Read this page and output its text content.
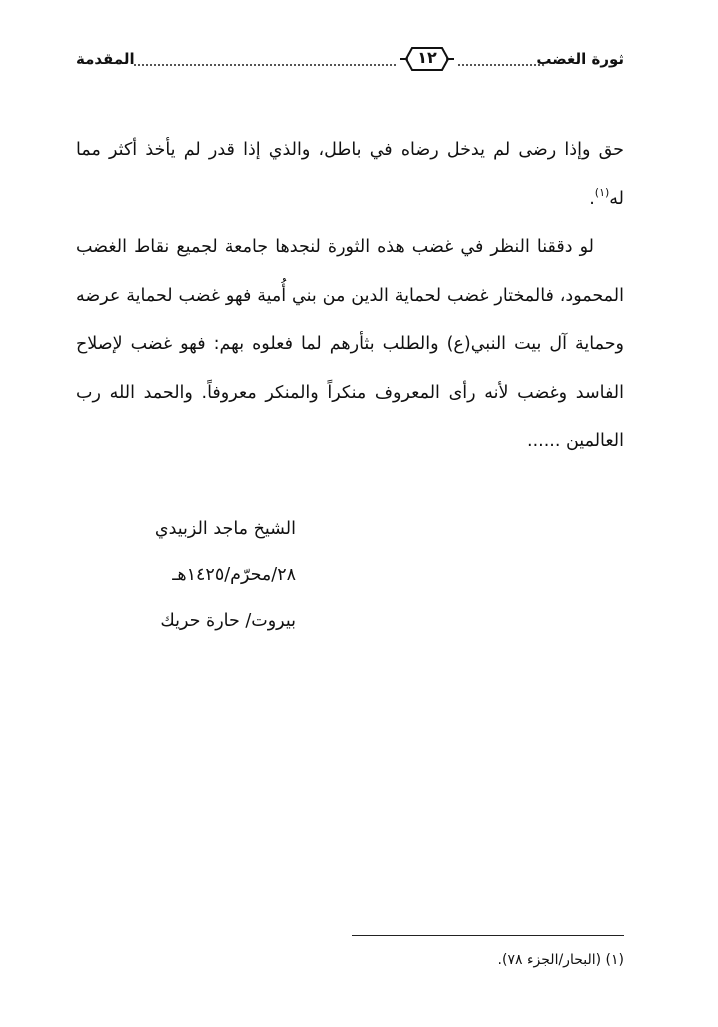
ثورة الغضب
١٢
المقدمة

حق وإذا رضى لم يدخل رضاه في باطل، والذي إذا قدر لم يأخذ أكثر مما له$^{(١)}$.

لو دققنا النظر في غضب هذه الثورة لنجدها جامعة لجميع نقاط الغضب المحمود، فالمختار غضب لحماية الدين من بني أُمية فهو غضب لحماية عرضه وحماية آل بيت النبي(ع) والطلب بثأرهم لما فعلوه بهم: فهو غضب لإصلاح الفاسد وغضب لأنه رأى المعروف منكراً والمنكر معروفاً. والحمد الله رب العالمين ......

الشيخ ماجد الزبيدي
٢٨/محرّم/١٤٢٥هـ
بيروت/ حارة حريك
(١) (البحار/الجزء ٧٨).
